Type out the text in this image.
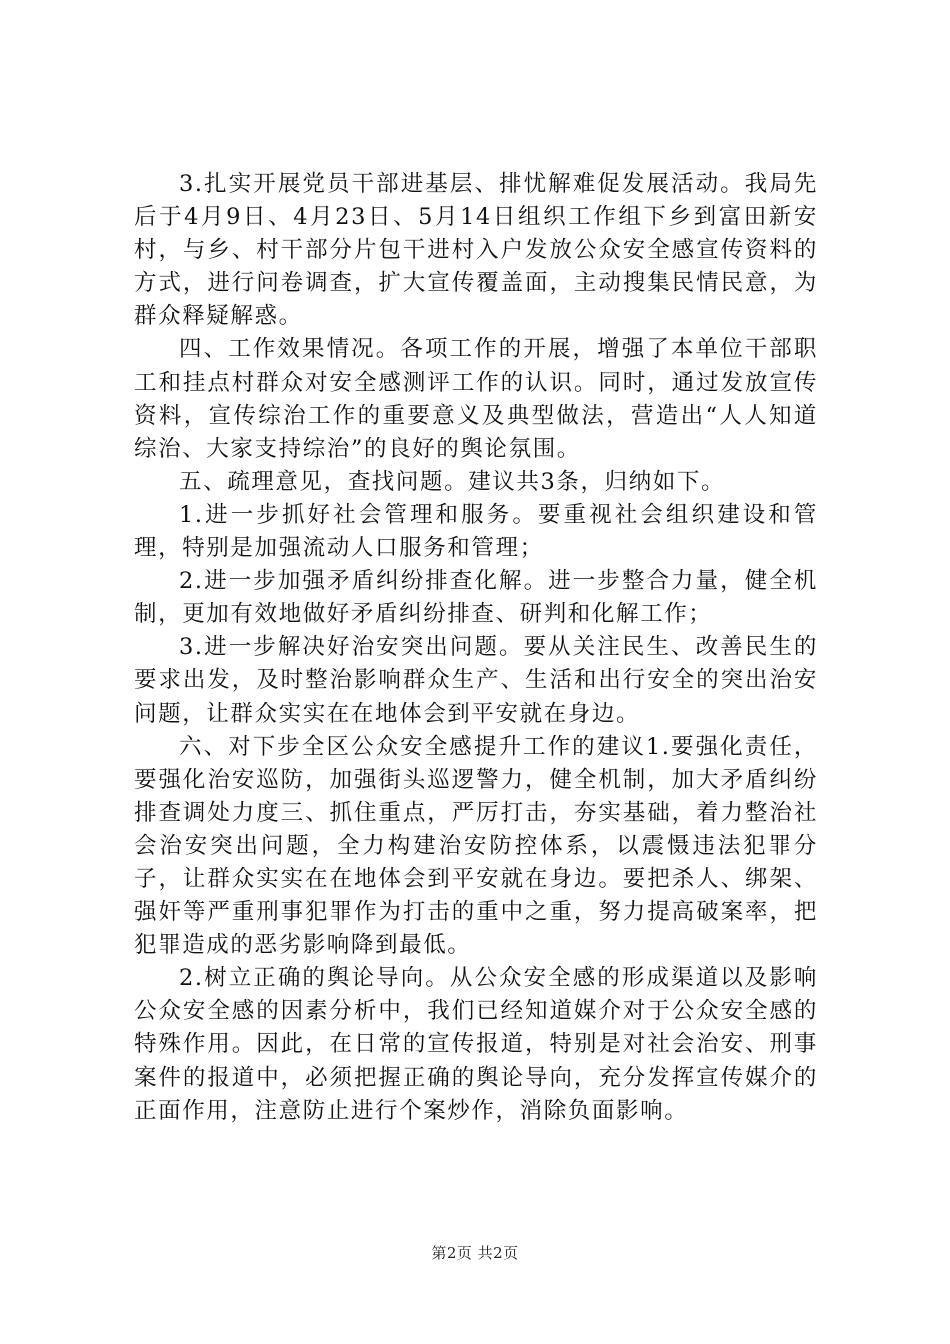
3.扎实开展党员干部进基层、排忧解难促发展活动。我局先后于4月9日、4月23日、5月14日组织工作组下乡到富田新安村，与乡、村干部分片包干进村入户发放公众安全感宣传资料的方式，进行问卷调查，扩大宣传覆盖面，主动搜集民情民意，为群众释疑解惑。

四、工作效果情况。各项工作的开展，增强了本单位干部职工和挂点村群众对安全感测评工作的认识。同时，通过发放宣传资料，宣传综治工作的重要意义及典型做法，营造出“人人知道综治、大家支持综治”的良好的舆论氛围。

五、疏理意见，查找问题。建议共3条，归纳如下。

1.进一步抓好社会管理和服务。要重视社会组织建设和管理，特别是加强流动人口服务和管理；

2.进一步加强矛盾纠纷排查化解。进一步整合力量，健全机制，更加有效地做好矛盾纠纷排查、研判和化解工作；

3.进一步解决好治安突出问题。要从关注民生、改善民生的要求出发，及时整治影响群众生产、生活和出行安全的突出治安问题，让群众实实在在地体会到平安就在身边。

六、对下步全区公众安全感提升工作的建议1.要强化责任，要强化治安巡防，加强街头巡逻警力，健全机制，加大矛盾纠纷排查调处力度三、抓住重点，严厉打击，夯实基础，着力整治社会治安突出问题，全力构建治安防控体系，以震慑违法犯罪分子，让群众实实在在地体会到平安就在身边。要把杀人、绑架、强奸等严重刑事犯罪作为打击的重中之重，努力提高破案率，把犯罪造成的恶劣影响降到最低。

2.树立正确的舆论导向。从公众安全感的形成渠道以及影响公众安全感的因素分析中，我们已经知道媒介对于公众安全感的特殊作用。因此，在日常的宣传报道，特别是对社会治安、刑事案件的报道中，必须把握正确的舆论导向，充分发挥宣传媒介的正面作用，注意防止进行个案炒作，消除负面影响。

第2页 共2页
